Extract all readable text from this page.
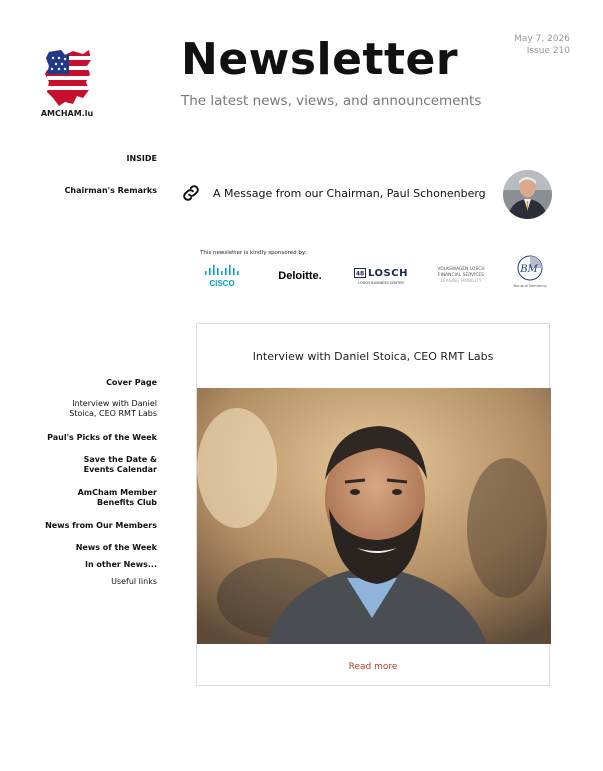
AMCHAM.lu
Newsletter
The latest news, views, and announcements
May 7, 2026
Issue 210
INSIDE
Chairman's Remarks	A Message from our Chairman, Paul Schonenberg
This newsletter is kindly sponsored by:
CISCO
Deloitte.	48 LOSCH
LOSCH BUSINESS CENTER
VOLKSWAGEN LOSCH
FINANCIAL SERVICES
LEASING MOBILITY
BM
Banque Bemberg
Cover Page
Interview with Daniel Stoica, CEO RMT Labs
Paul's Picks of the Week
Save the Date & Events Calendar
AmCham Member Benefits Club
News from Our Members
News of the Week
In other News...
Useful links
Interview with Daniel Stoica, CEO RMT Labs
Read more
